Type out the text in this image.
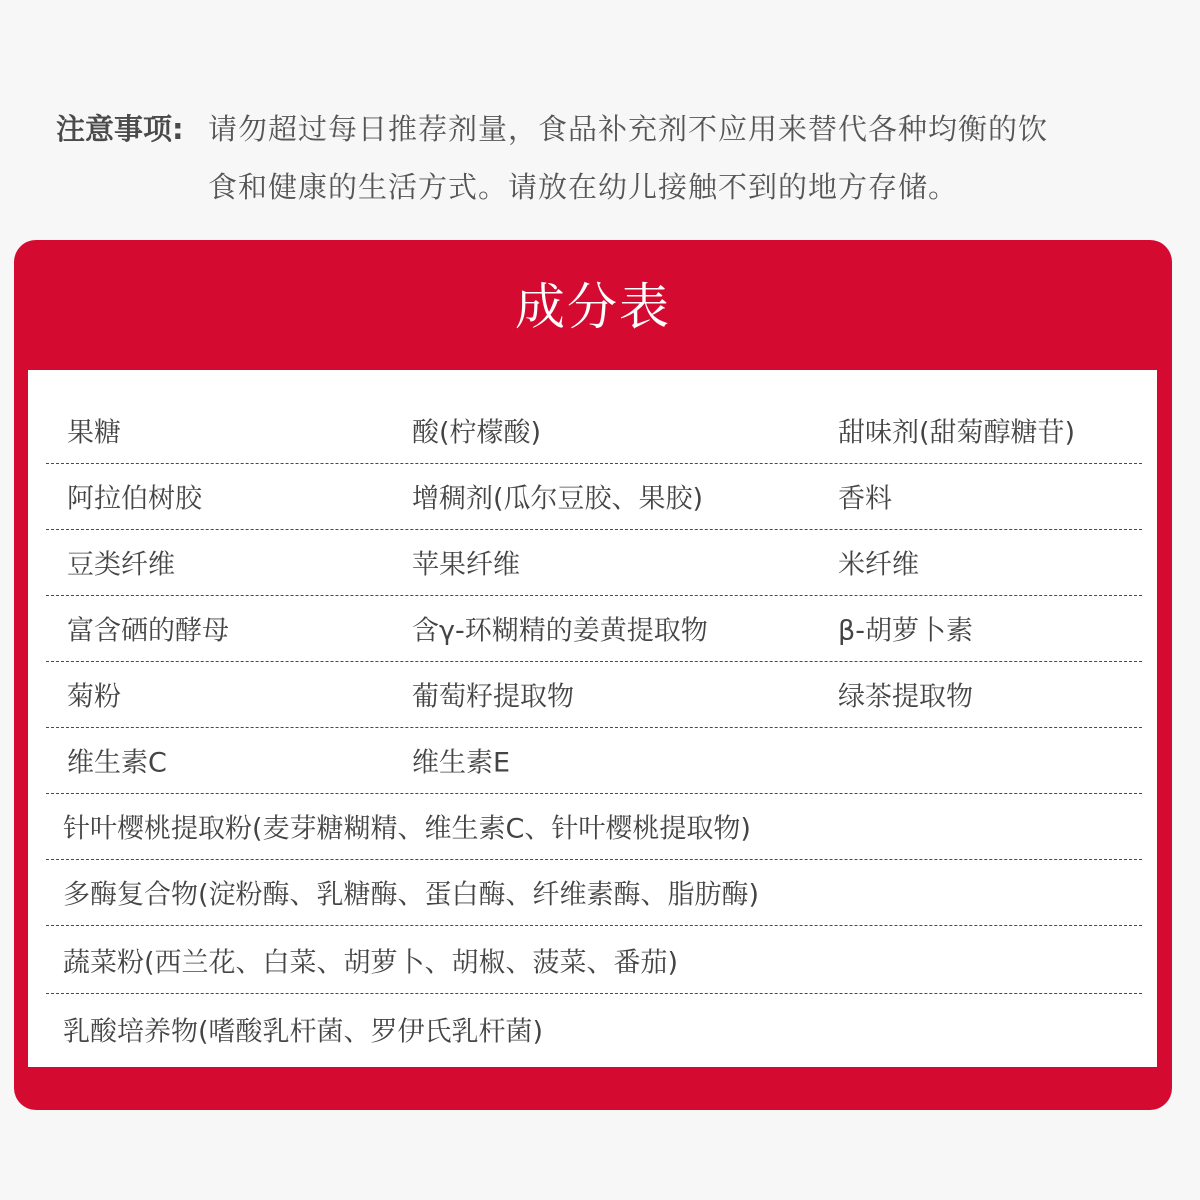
注意事项: 请勿超过每日推荐剂量，食品补充剂不应用来替代各种均衡的饮
食和健康的生活方式。请放在幼儿接触不到的地方存储。
成分表
果糖	酸(柠檬酸)	甜味剂(甜菊醇糖苷)
阿拉伯树胶	增稠剂(瓜尔豆胶、果胶)	香料
豆类纤维	苹果纤维	米纤维
富含硒的酵母	含γ-环糊精的姜黄提取物	β-胡萝卜素
菊粉	葡萄籽提取物	绿茶提取物
维生素C	维生素E
针叶樱桃提取粉(麦芽糖糊精、维生素C、针叶樱桃提取物)
多酶复合物(淀粉酶、乳糖酶、蛋白酶、纤维素酶、脂肪酶)
蔬菜粉(西兰花、白菜、胡萝卜、胡椒、菠菜、番茄)
乳酸培养物(嗜酸乳杆菌、罗伊氏乳杆菌)
